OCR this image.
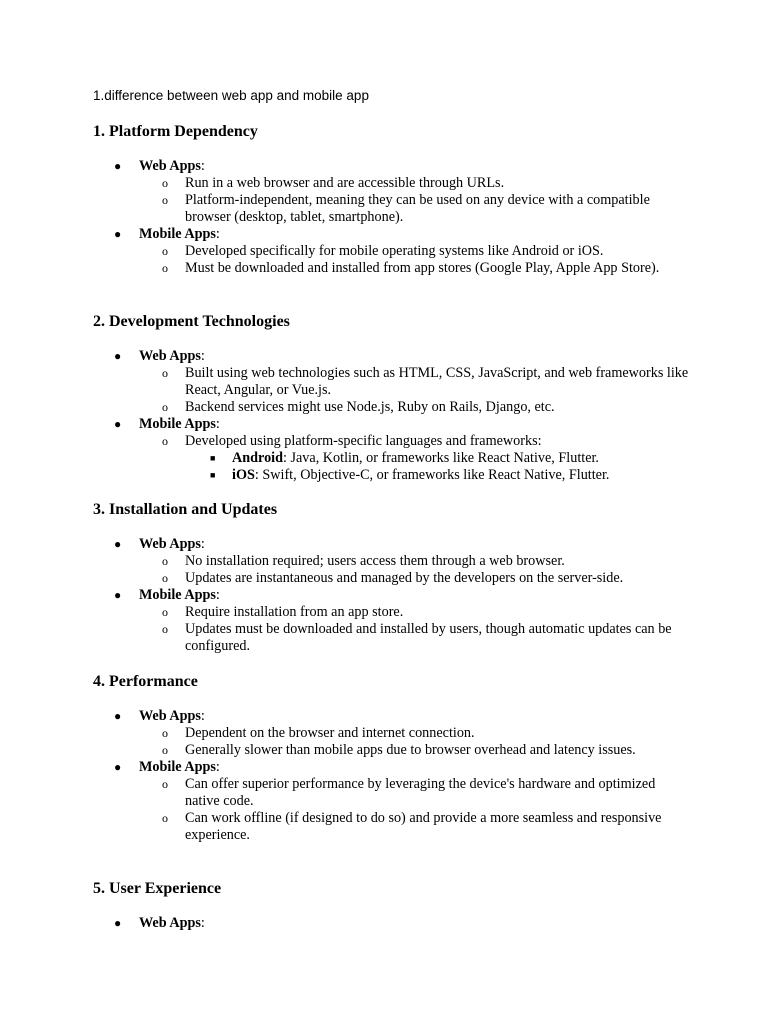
1.difference between web app and mobile app
1. Platform Dependency
● Web Apps:
o Run in a web browser and are accessible through URLs.
o Platform-independent, meaning they can be used on any device with a compatible browser (desktop, tablet, smartphone).
● Mobile Apps:
o Developed specifically for mobile operating systems like Android or iOS.
o Must be downloaded and installed from app stores (Google Play, Apple App Store).
2. Development Technologies
● Web Apps:
o Built using web technologies such as HTML, CSS, JavaScript, and web frameworks like React, Angular, or Vue.js.
o Backend services might use Node.js, Ruby on Rails, Django, etc.
● Mobile Apps:
o Developed using platform-specific languages and frameworks:
■ Android: Java, Kotlin, or frameworks like React Native, Flutter.
■ iOS: Swift, Objective-C, or frameworks like React Native, Flutter.
3. Installation and Updates
● Web Apps:
o No installation required; users access them through a web browser.
o Updates are instantaneous and managed by the developers on the server-side.
● Mobile Apps:
o Require installation from an app store.
o Updates must be downloaded and installed by users, though automatic updates can be configured.
4. Performance
● Web Apps:
o Dependent on the browser and internet connection.
o Generally slower than mobile apps due to browser overhead and latency issues.
● Mobile Apps:
o Can offer superior performance by leveraging the device's hardware and optimized native code.
o Can work offline (if designed to do so) and provide a more seamless and responsive experience.
5. User Experience
● Web Apps:
